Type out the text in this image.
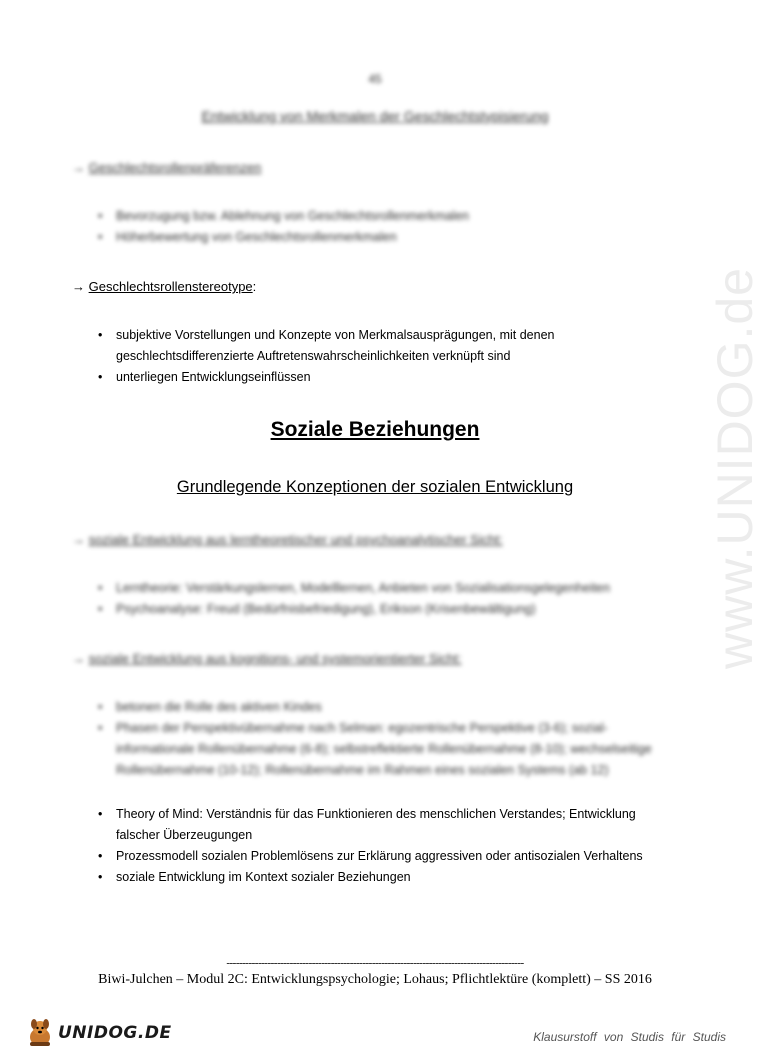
www.UNIDOG.de
45
Entwicklung von Merkmalen der Geschlechtstypisierung
→ Geschlechtsrollenpräferenzen
• Bevorzugung bzw. Ablehnung von Geschlechtsrollenmerkmalen
• Höherbewertung von Geschlechtsrollenmerkmalen
→ Geschlechtsrollenstereotype:
• subjektive Vorstellungen und Konzepte von Merkmalsausprägungen, mit denen geschlechtsdifferenzierte Auftretenswahrscheinlichkeiten verknüpft sind
• unterliegen Entwicklungseinflüssen
Soziale Beziehungen
Grundlegende Konzeptionen der sozialen Entwicklung
→ soziale Entwicklung aus lerntheoretischer und psychoanalytischer Sicht:
• Lerntheorie: Verstärkungslernen, Modelllernen, Anbieten von Sozialisationsgelegenheiten
• Psychoanalyse: Freud (Bedürfnisbefriedigung), Erikson (Krisenbewältigung)
→ soziale Entwicklung aus kognitions- und systemorientierter Sicht:
• betonen die Rolle des aktiven Kindes
• Phasen der Perspektivübernahme nach Selman: egozentrische Perspektive (3-6); sozial-informationale Rollenübernahme (6-8); selbstreflektierte Rollenübernahme (8-10); wechselseitige Rollenübernahme (10-12); Rollenübernahme im Rahmen eines sozialen Systems (ab 12)
• Theory of Mind: Verständnis für das Funktionieren des menschlichen Verstandes; Entwicklung falscher Überzeugungen
• Prozessmodell sozialen Problemlösens zur Erklärung aggressiven oder antisozialen Verhaltens
• soziale Entwicklung im Kontext sozialer Beziehungen
----------------------------------------------------------------------------------------------
Biwi-Julchen – Modul 2C: Entwicklungspsychologie; Lohaus; Pflichtlektüre (komplett) – SS 2016
UNIDOG.DE	Klausurstoff von Studis für Studis
